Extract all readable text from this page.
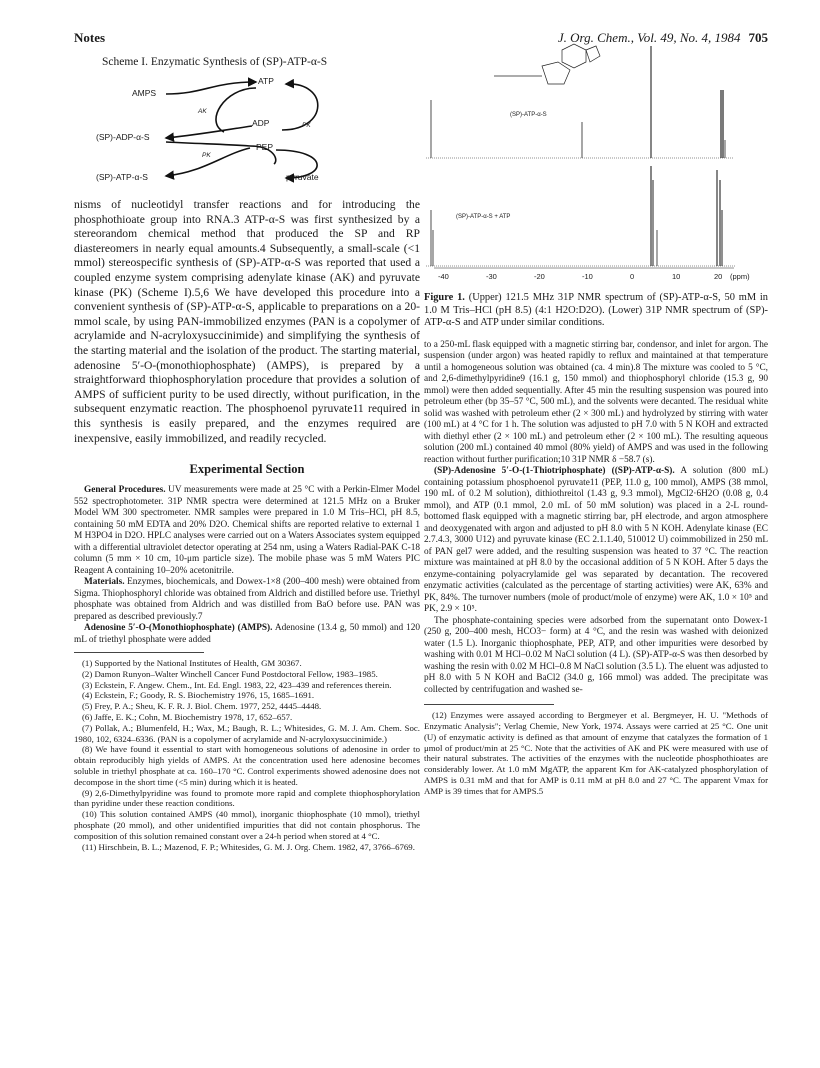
Notes	J. Org. Chem., Vol. 49, No. 4, 1984 705
Scheme I. Enzymatic Synthesis of (SP)-ATP-α-S
AMPS
ATP
AK
ADP	PK
(SP)-ADP-α-S
PEP
PK
(SP)-ATP-α-S	pyruvate

nisms of nucleotidyl transfer reactions and for introducing the phosphothioate group into RNA.3 ATP-α-S was first synthesized by a stereorandom chemical method that produced the SP and RP diastereomers in nearly equal amounts.4 Subsequently, a small-scale (<1 mmol) stereospecific synthesis of (SP)-ATP-α-S was reported that used a coupled enzyme system comprising adenylate kinase (AK) and pyruvate kinase (PK) (Scheme I).5,6 We have developed this procedure into a convenient synthesis of (SP)-ATP-α-S, applicable to preparations on a 20-mmol scale, by using PAN-immobilized enzymes (PAN is a copolymer of acrylamide and N-acryloxysuccinimide) and simplifying the synthesis of the starting material and the isolation of the product. The starting material, adenosine 5′-O-(monothiophosphate) (AMPS), is prepared by a straightforward thiophosphorylation procedure that provides a solution of AMPS of sufficient purity to be used directly, without purification, in the subsequent enzymatic reaction. The phosphoenol pyruvate11 required in this synthesis is easily prepared, and the enzymes required are inexpensive, easily immobilized, and readily recycled.

Experimental Section

General Procedures. UV measurements were made at 25 °C with a Perkin-Elmer Model 552 spectrophotometer. 31P NMR spectra were determined at 121.5 MHz on a Bruker Model WM 300 spectrometer. NMR samples were prepared in 1.0 M Tris–HCl, pH 8.5, containing 50 mM EDTA and 20% D2O. Chemical shifts are reported relative to external 1 M H3PO4 in D2O. HPLC analyses were carried out on a Waters Associates system equipped with a differential ultraviolet detector operating at 254 nm, using a Waters Radial-PAK C-18 column (5 mm × 10 cm, 10-μm particle size). The mobile phase was 5 mM Waters PIC Reagent A containing 10–20% acetonitrile.

Materials. Enzymes, biochemicals, and Dowex-1×8 (200–400 mesh) were obtained from Sigma. Thiophosphoryl chloride was obtained from Aldrich and distilled before use. Triethyl phosphate was obtained from Aldrich and was distilled from BaO before use. PAN was prepared as described previously.7

Adenosine 5′-O-(Monothiophosphate) (AMPS). Adenosine (13.4 g, 50 mmol) and 120 mL of triethyl phosphate were added

(1) Supported by the National Institutes of Health, GM 30367.

(2) Damon Runyon–Walter Winchell Cancer Fund Postdoctoral Fellow, 1983–1985.

(3) Eckstein, F. Angew. Chem., Int. Ed. Engl. 1983, 22, 423–439 and references therein.

(4) Eckstein, F.; Goody, R. S. Biochemistry 1976, 15, 1685–1691.

(5) Frey, P. A.; Sheu, K. F. R. J. Biol. Chem. 1977, 252, 4445–4448.

(6) Jaffe, E. K.; Cohn, M. Biochemistry 1978, 17, 652–657.

(7) Pollak, A.; Blumenfeld, H.; Wax, M.; Baugh, R. L.; Whitesides, G. M. J. Am. Chem. Soc. 1980, 102, 6324–6336. (PAN is a copolymer of acrylamide and N-acryloxysuccinimide.)

(8) We have found it essential to start with homogeneous solutions of adenosine in order to obtain reproducibly high yields of AMPS. At the concentration used here adenosine becomes soluble in triethyl phosphate at ca. 160–170 °C. Control experiments showed adenosine does not decompose in the short time (<5 min) during which it is heated.

(9) 2,6-Dimethylpyridine was found to promote more rapid and complete thiophosphorylation than pyridine under these reaction conditions.

(10) This solution contained AMPS (40 mmol), inorganic thiophosphate (10 mmol), triethyl phosphate (20 mmol), and other unidentified impurities that did not contain phosphorus. The composition of this solution remained constant over a 24-h period when stored at 4 °C.

(11) Hirschbein, B. L.; Mazenod, F. P.; Whitesides, G. M. J. Org. Chem. 1982, 47, 3766–6769.

(SP)-ATP-α-S
(SP)-ATP-α-S + ATP
-40	-30	-20	-10	0	10	20 (ppm)
Figure 1. (Upper) 121.5 MHz 31P NMR spectrum of (SP)-ATP-α-S, 50 mM in 1.0 M Tris–HCl (pH 8.5) (4:1 H2O:D2O). (Lower) 31P NMR spectrum of (SP)-ATP-α-S and ATP under similar conditions.

to a 250-mL flask equipped with a magnetic stirring bar, condensor, and inlet for argon. The suspension (under argon) was heated rapidly to reflux and maintained at that temperature until a homogeneous solution was obtained (ca. 4 min).8 The mixture was cooled to 5 °C, and 2,6-dimethylpyridine9 (16.1 g, 150 mmol) and thiophosphoryl chloride (15.3 g, 90 mmol) were then added sequentially. After 45 min the resulting suspension was poured into petroleum ether (bp 35–57 °C, 500 mL), and the solvents were decanted. The residual white solid was washed with petroleum ether (2 × 300 mL) and hydrolyzed by stirring with water (100 mL) at 4 °C for 1 h. The solution was adjusted to pH 7.0 with 5 N KOH and extracted with diethyl ether (2 × 100 mL) and petroleum ether (2 × 100 mL). The resulting aqueous solution (200 mL) contained 40 mmol (80% yield) of AMPS and was used in the following reaction without further purification;10 31P NMR δ −58.7 (s).

(SP)-Adenosine 5′-O-(1-Thiotriphosphate) ((SP)-ATP-α-S). A solution (800 mL) containing potassium phosphoenol pyruvate11 (PEP, 11.0 g, 100 mmol), AMPS (38 mmol, 190 mL of 0.2 M solution), dithiothreitol (1.43 g, 9.3 mmol), MgCl2·6H2O (0.08 g, 0.4 mmol), and ATP (0.1 mmol, 2.0 mL of 50 mM solution) was placed in a 2-L round-bottomed flask equipped with a magnetic stirring bar, pH electrode, and argon atmosphere and deoxygenated with argon and adjusted to pH 8.0 with 5 N KOH. Adenylate kinase (EC 2.7.4.3, 3000 U12) and pyruvate kinase (EC 2.1.1.40, 510012 U) coimmobilized in 250 mL of PAN gel7 were added, and the resulting suspension was heated to 37 °C. The reaction mixture was maintained at pH 8.0 by the occasional addition of 5 N KOH. After 5 days the enzyme-containing polyacrylamide gel was separated by decantation. The recovered enzymatic activities (calculated as the percentage of starting activities) were AK, 63% and PK, 84%. The turnover numbers (mole of product/mole of enzyme) were AK, 1.0 × 10⁵ and PK, 2.9 × 10⁵.

The phosphate-containing species were adsorbed from the supernatant onto Dowex-1 (250 g, 200–400 mesh, HCO3− form) at 4 °C, and the resin was washed with deionized water (1.5 L). Inorganic thiophosphate, PEP, ATP, and other impurities were desorbed by washing with 0.01 M HCl–0.02 M NaCl solution (4 L). (SP)-ATP-α-S was then desorbed by washing the resin with 0.02 M HCl–0.8 M NaCl solution (3.5 L). The eluent was adjusted to pH 8.0 with 5 N KOH and BaCl2 (34.0 g, 166 mmol) was added. The precipitate was collected by centrifugation and washed se-

(12) Enzymes were assayed according to Bergmeyer et al. Bergmeyer, H. U. "Methods of Enzymatic Analysis"; Verlag Chemie, New York, 1974. Assays were carried at 25 °C. One unit (U) of enzymatic activity is defined as that amount of enzyme that catalyzes the formation of 1 μmol of product/min at 25 °C. Note that the activities of AK and PK were measured with use of their natural substrates. The activities of the enzymes with the nucleotide phosphothioates are considerably lower. At 1.0 mM MgATP, the apparent Km for AK-catalyzed phosphorylation of AMPS is 0.31 mM and that for AMP is 0.11 mM at pH 8.0 and 27 °C. The apparent Vmax for AMP is 39 times that for AMPS.5
